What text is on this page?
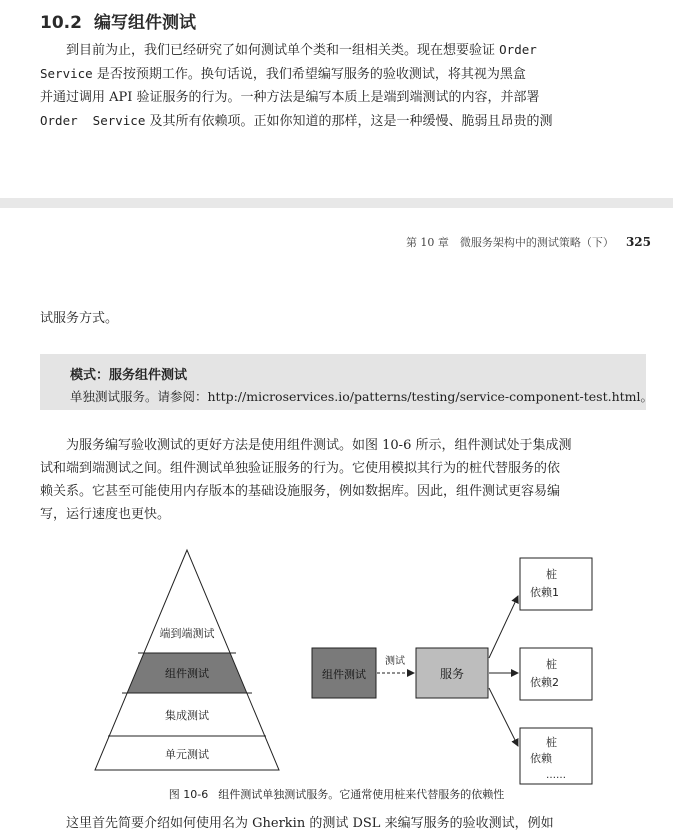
10.2 编写组件测试

到目前为止，我们已经研究了如何测试单个类和一组相关类。现在想要验证 Order

Service 是否按预期工作。换句话说，我们希望编写服务的验收测试，将其视为黑盒

并通过调用 API 验证服务的行为。一种方法是编写本质上是端到端测试的内容，并部署

Order  Service 及其所有依赖项。正如你知道的那样，这是一种缓慢、脆弱且昂贵的测

第 10 章　微服务架构中的测试策略（下） 325

试服务方式。

模式：服务组件测试
单独测试服务。请参阅：http://microservices.io/patterns/testing/service-component-test.html。

为服务编写验收测试的更好方法是使用组件测试。如图 10-6 所示，组件测试处于集成测

试和端到端测试之间。组件测试单独验证服务的行为。它使用模拟其行为的桩代替服务的依

赖关系。它甚至可能使用内存版本的基础设施服务，例如数据库。因此，组件测试更容易编

写，运行速度也更快。

端到端测试
组件测试
集成测试
单元测试
组件测试
测试
服务
桩
依赖1
桩
依赖2
桩
依赖
……
图 10-6 组件测试单独测试服务。它通常使用桩来代替服务的依赖性

这里首先简要介绍如何使用名为 Gherkin 的测试 DSL 来编写服务的验收测试，例如
